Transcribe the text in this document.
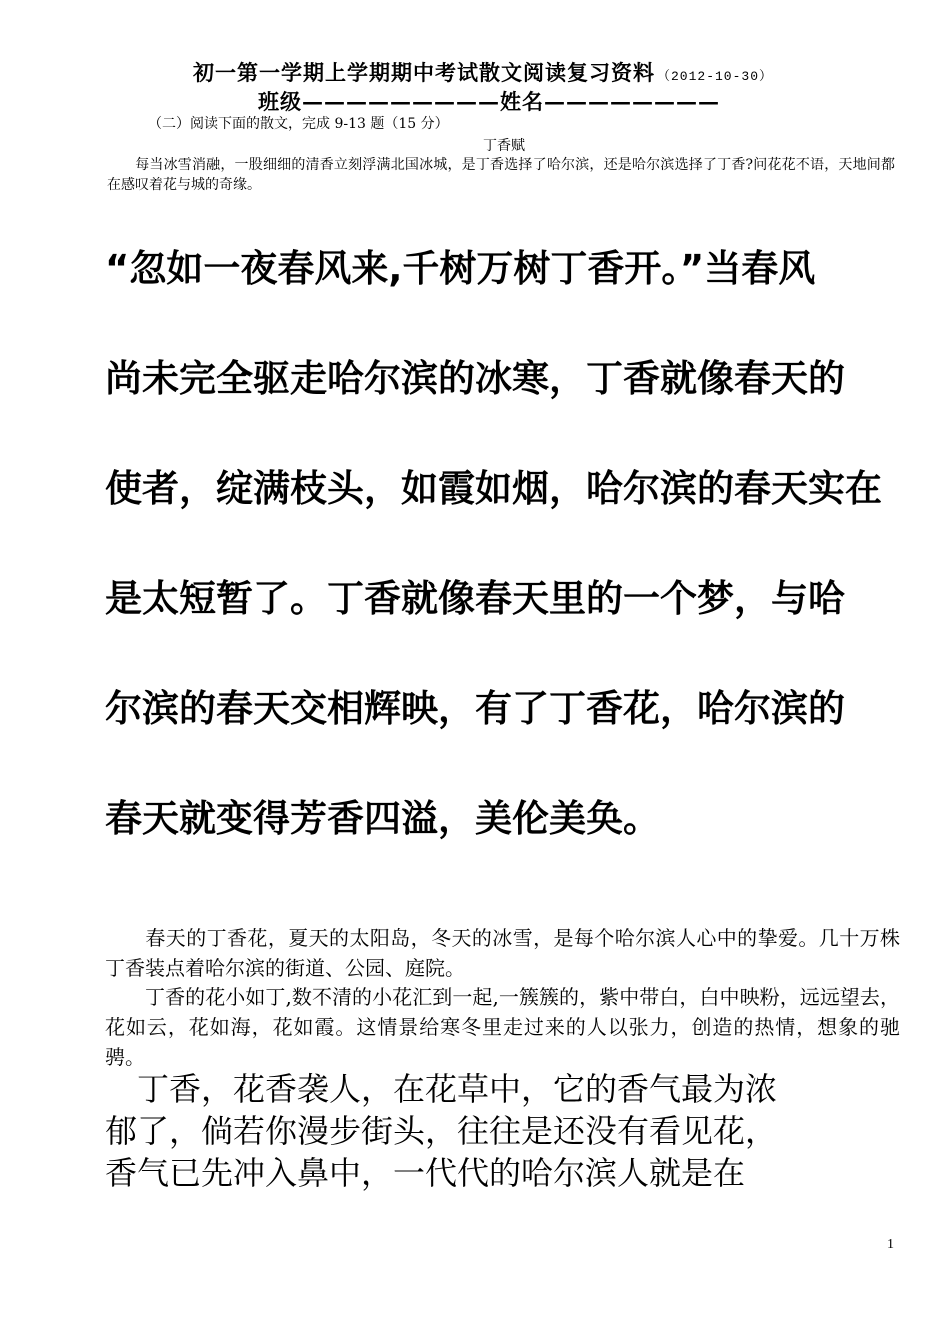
初一第一学期上学期期中考试散文阅读复习资料 （2012-10-30）
班级—————————姓名————————
（二）阅读下面的散文，完成 9-13 题（15 分）
丁香赋
每当冰雪消融，一股细细的清香立刻浮满北国冰城，是丁香选择了哈尔滨，还是哈尔滨选择了丁香?问花花不语，天地间都在感叹着花与城的奇缘。
“忽如一夜春风来,千树万树丁香开。”当春风
尚未完全驱走哈尔滨的冰寒，丁香就像春天的
使者，绽满枝头，如霞如烟，哈尔滨的春天实在
是太短暂了。丁香就像春天里的一个梦，与哈
尔滨的春天交相辉映，有了丁香花，哈尔滨的
春天就变得芳香四溢，美伦美奂。
春天的丁香花，夏天的太阳岛，冬天的冰雪，是每个哈尔滨人心中的挚爱。几十万株丁香装点着哈尔滨的街道、公园、庭院。
丁香的花小如丁,数不清的小花汇到一起,一簇簇的，紫中带白，白中映粉，远远望去，花如云，花如海，花如霞。这情景给寒冬里走过来的人以张力，创造的热情，想象的驰骋。
丁香，花香袭人，在花草中，它的香气最为浓
郁了，倘若你漫步街头，往往是还没有看见花，
香气已先冲入鼻中，一代代的哈尔滨人就是在
1
